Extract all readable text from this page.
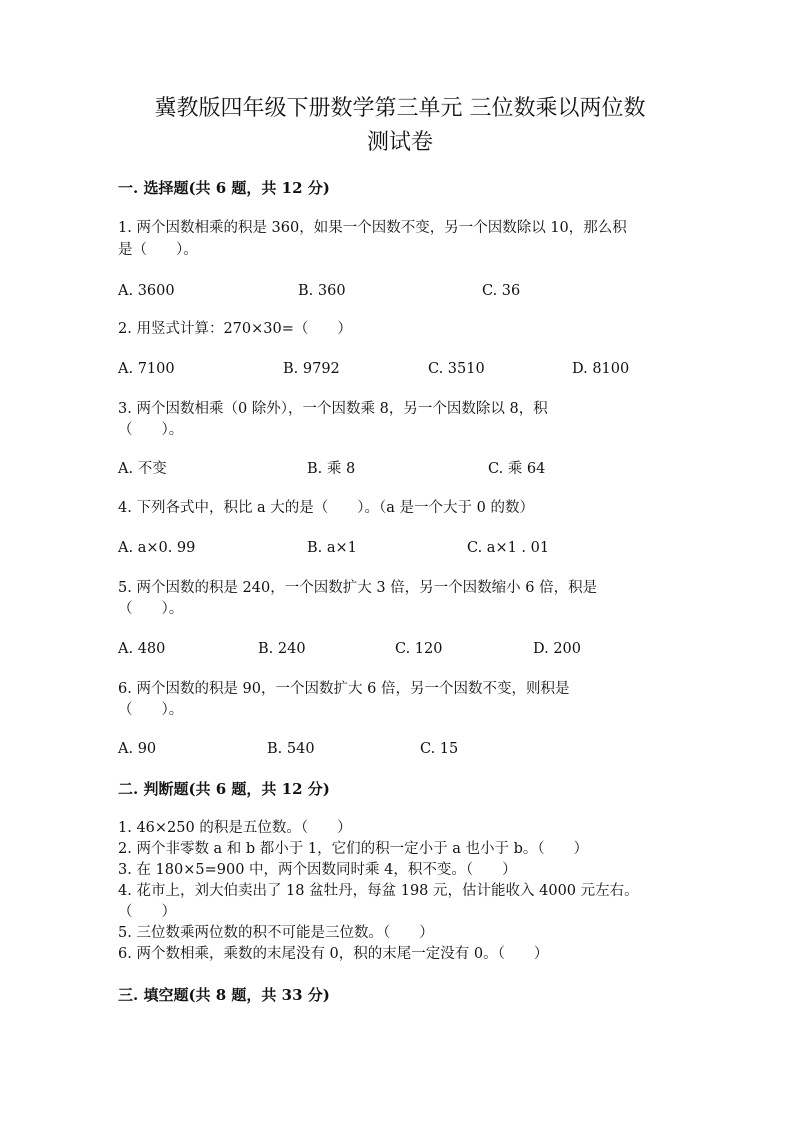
冀教版四年级下册数学第三单元 三位数乘以两位数
测试卷
一. 选择题(共 6 题，共 12 分)
1. 两个因数相乘的积是 360，如果一个因数不变，另一个因数除以 10，那么积
是（　　）。
A. 3600	B. 360	C. 36
2. 用竖式计算：270×30=（　　）
A. 7100	B. 9792	C. 3510	D. 8100
3. 两个因数相乘（0 除外），一个因数乘 8，另一个因数除以 8，积
（　　）。
A. 不变	B. 乘 8	C. 乘 64
4. 下列各式中，积比 a 大的是（　　）。（a 是一个大于 0 的数）
A. a×0. 99	B. a×1	C. a×1 . 01
5. 两个因数的积是 240，一个因数扩大 3 倍，另一个因数缩小 6 倍，积是
（　　）。
A. 480	B. 240	C. 120	D. 200
6. 两个因数的积是 90，一个因数扩大 6 倍，另一个因数不变，则积是
（　　）。
A. 90	B. 540	C. 15
二. 判断题(共 6 题，共 12 分)
1. 46×250 的积是五位数。（　　）
2. 两个非零数 a 和 b 都小于 1，它们的积一定小于 a 也小于 b。（　　）
3. 在 180×5=900 中，两个因数同时乘 4，积不变。（　　）
4. 花市上，刘大伯卖出了 18 盆牡丹，每盆 198 元，估计能收入 4000 元左右。
（　　）
5. 三位数乘两位数的积不可能是三位数。（　　）
6. 两个数相乘，乘数的末尾没有 0，积的末尾一定没有 0。（　　）
三. 填空题(共 8 题，共 33 分)
